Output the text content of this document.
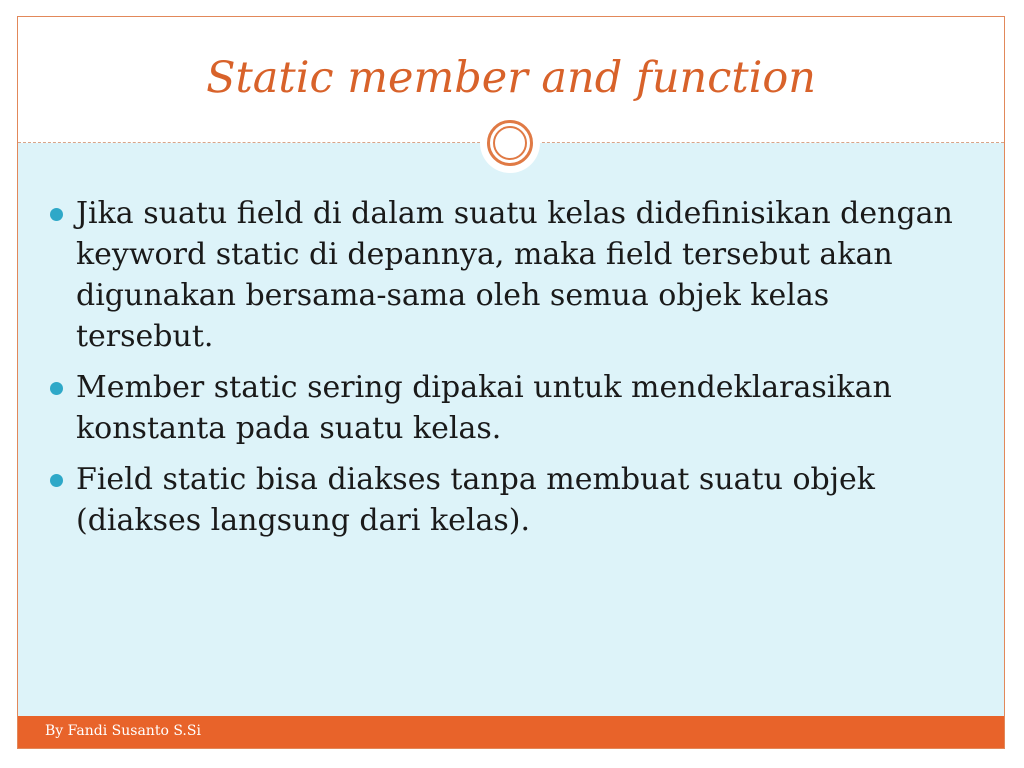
Static member and function
Jika suatu field di dalam suatu kelas didefinisikan dengan keyword static di depannya, maka field tersebut akan digunakan bersama-sama oleh semua objek kelas tersebut.
Member static sering dipakai untuk mendeklarasikan konstanta pada suatu kelas.
Field static bisa diakses tanpa membuat suatu objek (diakses langsung dari kelas).
By Fandi Susanto S.Si
